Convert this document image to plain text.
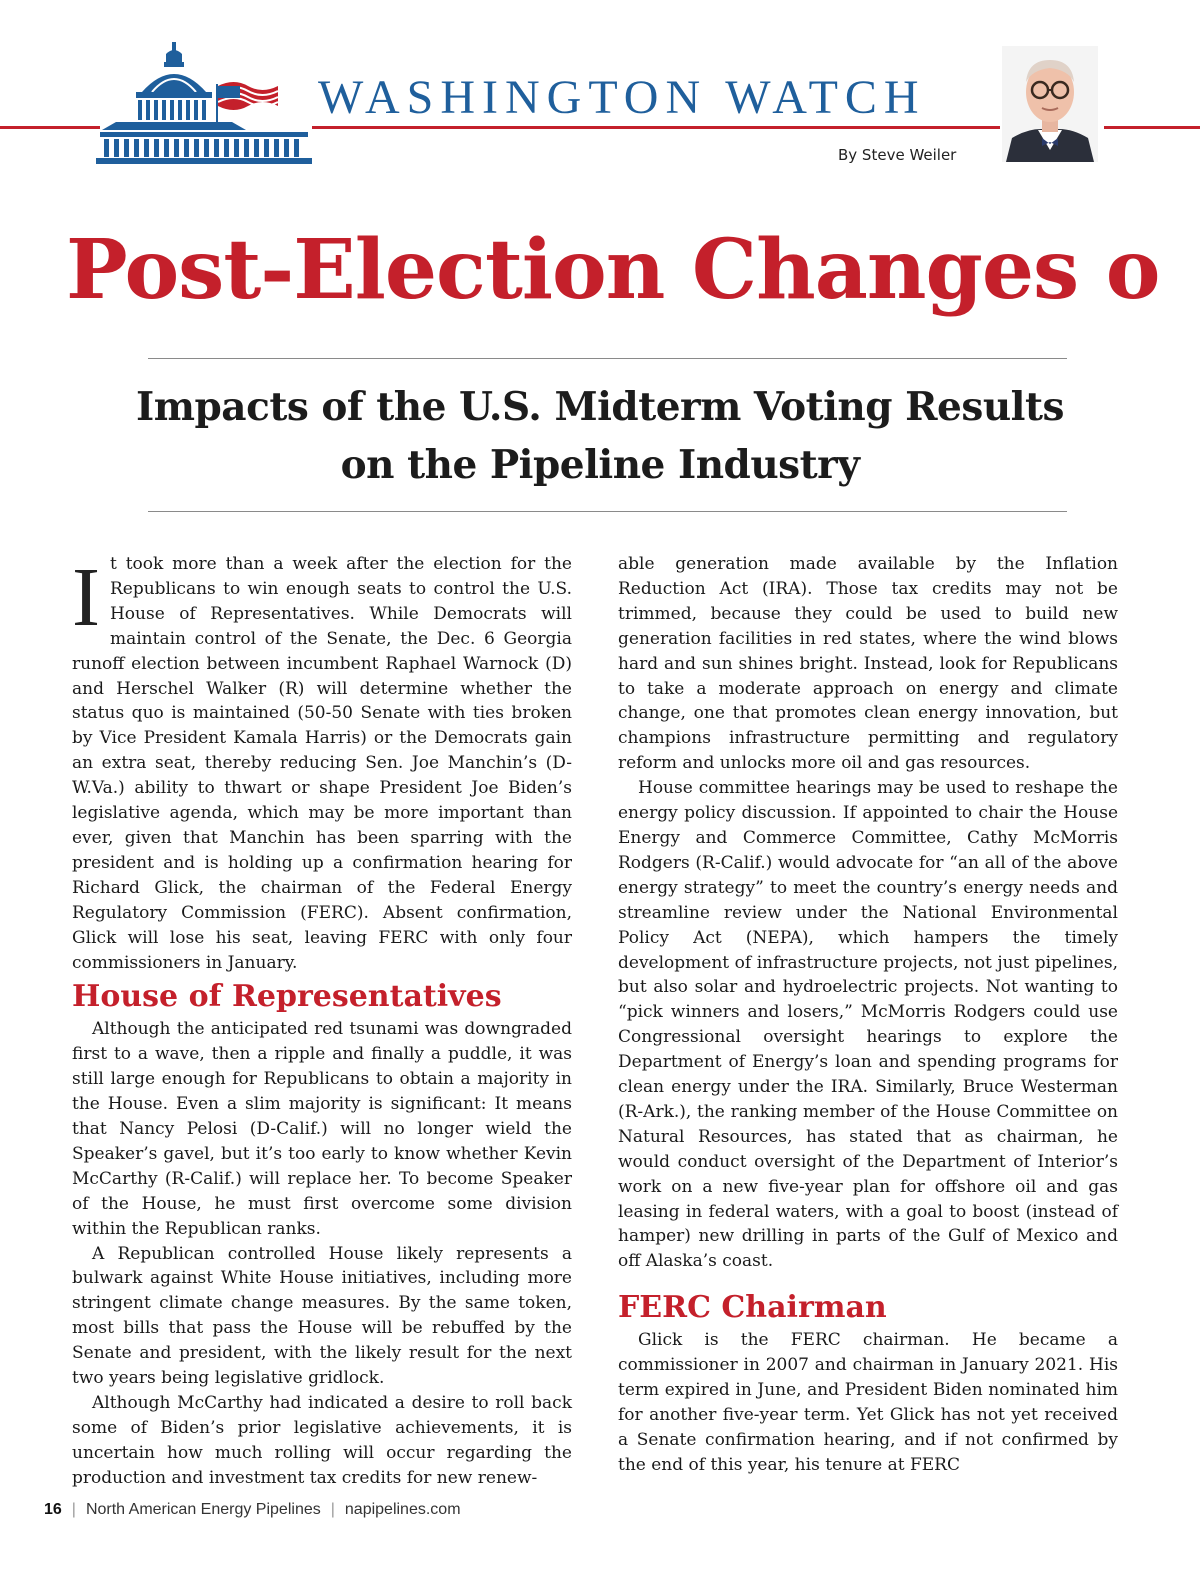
WASHINGTON WATCH
By Steve Weiler
Post-Election Changes o
Impacts of the U.S. Midterm Voting Results
on the Pipeline Industry

It took more than a week after the election for the Republicans to win enough seats to control the U.S. House of Representatives. While Democrats will maintain control of the Senate, the Dec. 6 Georgia runoff election between incumbent Raphael Warnock (D) and Herschel Walker (R) will determine whether the status quo is maintained (50-50 Senate with ties broken by Vice President Kamala Harris) or the Democrats gain an extra seat, thereby reducing Sen. Joe Manchin’s (D-W.Va.) ability to thwart or shape President Joe Biden’s legislative agenda, which may be more important than ever, given that Manchin has been sparring with the president and is holding up a confirmation hearing for Richard Glick, the chairman of the Federal Energy Regulatory Commission (FERC). Absent confirmation, Glick will lose his seat, leaving FERC with only four commissioners in January.

House of Representatives

Although the anticipated red tsunami was downgraded first to a wave, then a ripple and finally a puddle, it was still large enough for Republicans to obtain a majority in the House. Even a slim majority is significant: It means that Nancy Pelosi (D-Calif.) will no longer wield the Speaker’s gavel, but it’s too early to know whether Kevin McCarthy (R-Calif.) will replace her. To become Speaker of the House, he must first overcome some division within the Republican ranks.

A Republican controlled House likely represents a bulwark against White House initiatives, including more stringent climate change measures. By the same token, most bills that pass the House will be rebuffed by the Senate and president, with the likely result for the next two years being legislative gridlock.

Although McCarthy had indicated a desire to roll back some of Biden’s prior legislative achievements, it is uncertain how much rolling will occur regarding the production and investment tax credits for new renew-

able generation made available by the Inflation Reduction Act (IRA). Those tax credits may not be trimmed, because they could be used to build new generation facilities in red states, where the wind blows hard and sun shines bright. Instead, look for Republicans to take a moderate approach on energy and climate change, one that promotes clean energy innovation, but champions infrastructure permitting and regulatory reform and unlocks more oil and gas resources.

House committee hearings may be used to reshape the energy policy discussion. If appointed to chair the House Energy and Commerce Committee, Cathy McMorris Rodgers (R-Calif.) would advocate for “an all of the above energy strategy” to meet the country’s energy needs and streamline review under the National Environmental Policy Act (NEPA), which hampers the timely development of infrastructure projects, not just pipelines, but also solar and hydroelectric projects. Not wanting to “pick winners and losers,” McMorris Rodgers could use Congressional oversight hearings to explore the Department of Energy’s loan and spending programs for clean energy under the IRA. Similarly, Bruce Westerman (R-Ark.), the ranking member of the House Committee on Natural Resources, has stated that as chairman, he would conduct oversight of the Department of Interior’s work on a new five-year plan for offshore oil and gas leasing in federal waters, with a goal to boost (instead of hamper) new drilling in parts of the Gulf of Mexico and off Alaska’s coast.

FERC Chairman

Glick is the FERC chairman. He became a commissioner in 2007 and chairman in January 2021. His term expired in June, and President Biden nominated him for another five-year term. Yet Glick has not yet received a Senate confirmation hearing, and if not confirmed by the end of this year, his tenure at FERC

16 | North American Energy Pipelines | napipelines.com
